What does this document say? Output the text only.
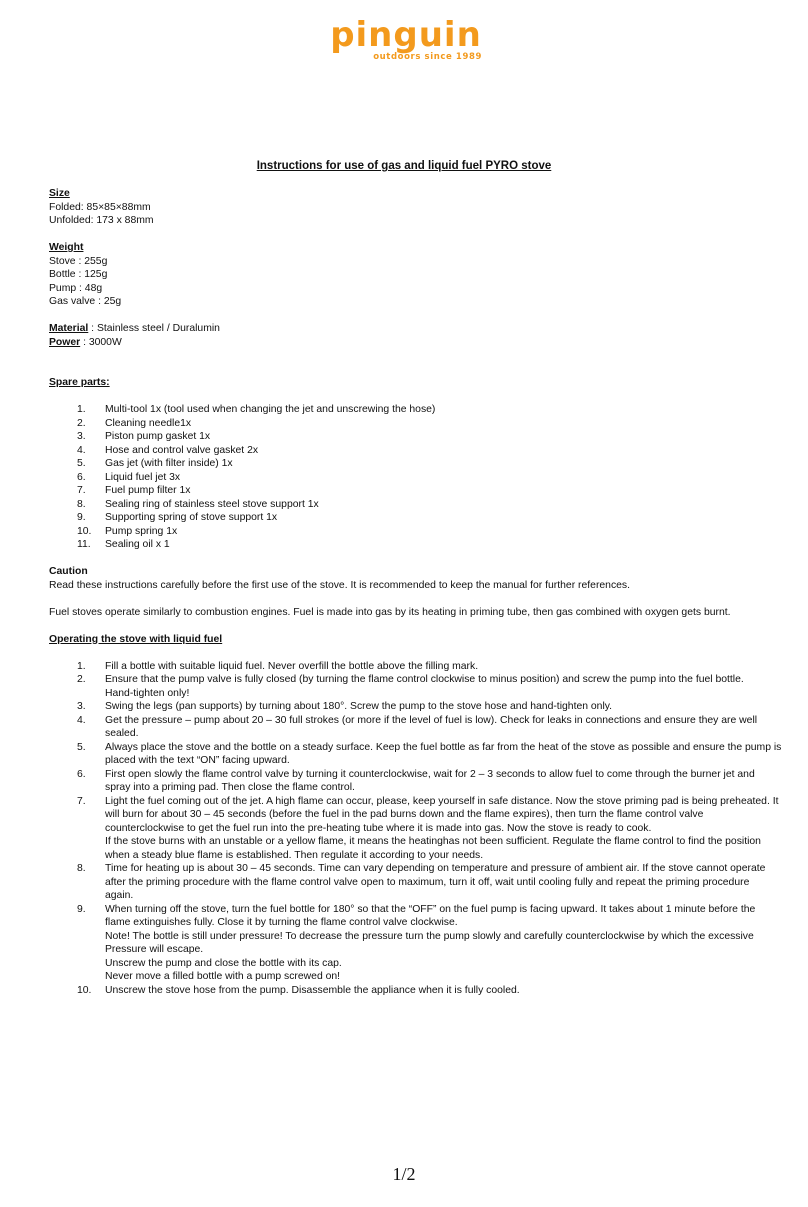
pinguin
outdoors since 1989
Instructions for use of gas and liquid fuel PYRO stove
Size
Folded: 85×85×88mm
Unfolded: 173 x 88mm
Weight
Stove : 255g
Bottle : 125g
Pump : 48g
Gas valve : 25g
Material : Stainless steel / Duralumin
Power : 3000W
Spare parts:
1. Multi-tool 1x (tool used when changing the jet and unscrewing the hose)
2. Cleaning needle1x
3. Piston pump gasket 1x
4. Hose and control valve gasket 2x
5. Gas jet (with filter inside) 1x
6. Liquid fuel jet 3x
7. Fuel pump filter 1x
8. Sealing ring of stainless steel stove support 1x
9. Supporting spring of stove support 1x
10. Pump spring 1x
11. Sealing oil x 1
Caution
Read these instructions carefully before the first use of the stove. It is recommended to keep the manual for further references.
Fuel stoves operate similarly to combustion engines. Fuel is made into gas by its heating in priming tube, then gas combined with oxygen gets burnt.
Operating the stove with liquid fuel
1. Fill a bottle with suitable liquid fuel. Never overfill the bottle above the filling mark.
2. Ensure that the pump valve is fully closed (by turning the flame control clockwise to minus position) and screw the pump into the fuel bottle.
Hand-tighten only!
3. Swing the legs (pan supports) by turning about 180°. Screw the pump to the stove hose and hand-tighten only.
4. Get the pressure – pump about 20 – 30 full strokes (or more if the level of fuel is low). Check for leaks in connections and ensure they are well
sealed.
5. Always place the stove and the bottle on a steady surface. Keep the fuel bottle as far from the heat of the stove as possible and ensure the pump is
placed with the text “ON” facing upward.
6. First open slowly the flame control valve by turning it counterclockwise, wait for 2 – 3 seconds to allow fuel to come through the burner jet and
spray into a priming pad. Then close the flame control.
7. Light the fuel coming out of the jet. A high flame can occur, please, keep yourself in safe distance. Now the stove priming pad is being preheated. It
will burn for about 30 – 45 seconds (before the fuel in the pad burns down and the flame expires), then turn the flame control valve
counterclockwise to get the fuel run into the pre-heating tube where it is made into gas. Now the stove is ready to cook.
If the stove burns with an unstable or a yellow flame, it means the heatinghas not been sufficient. Regulate the flame control to find the position
when a steady blue flame is established. Then regulate it according to your needs.
8. Time for heating up is about 30 – 45 seconds. Time can vary depending on temperature and pressure of ambient air. If the stove cannot operate
after the priming procedure with the flame control valve open to maximum, turn it off, wait until cooling fully and repeat the priming procedure
again.
9. When turning off the stove, turn the fuel bottle for 180° so that the “OFF” on the fuel pump is facing upward. It takes about 1 minute before the
flame extinguishes fully. Close it by turning the flame control valve clockwise.
Note! The bottle is still under pressure! To decrease the pressure turn the pump slowly and carefully counterclockwise by which the excessive
Pressure will escape.
Unscrew the pump and close the bottle with its cap.
Never move a filled bottle with a pump screwed on!
10. Unscrew the stove hose from the pump. Disassemble the appliance when it is fully cooled.
1/2
